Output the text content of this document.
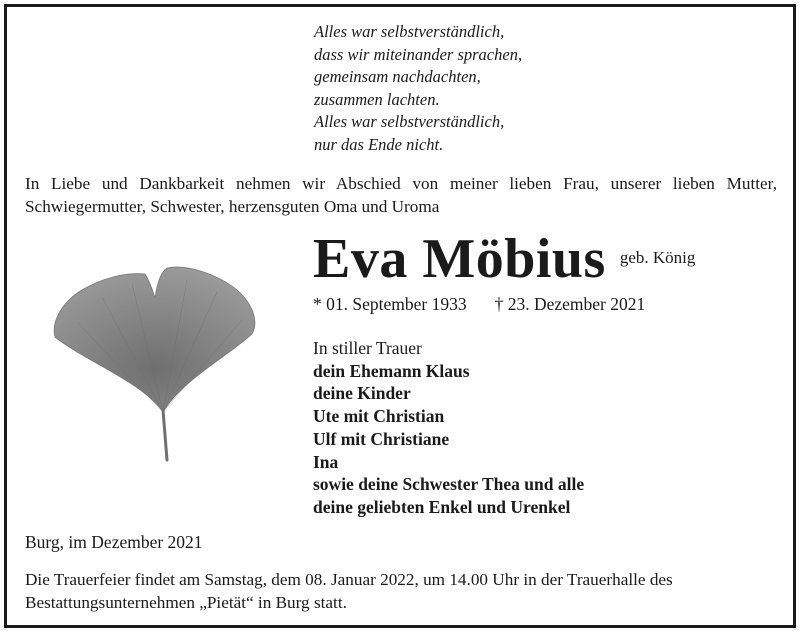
Alles war selbstverständlich,
dass wir miteinander sprachen,
gemeinsam nachdachten,
zusammen lachten.
Alles war selbstverständlich,
nur das Ende nicht.
In Liebe und Dankbarkeit nehmen wir Abschied von meiner lieben Frau, unserer lieben Mutter, Schwiegermutter, Schwester, herzensguten Oma und Uroma
Eva Möbius geb. König
* 01. September 1933 † 23. Dezember 2021
In stiller Trauer
dein Ehemann Klaus
deine Kinder
Ute mit Christian
Ulf mit Christiane
Ina
sowie deine Schwester Thea und alle
deine geliebten Enkel und Urenkel
Burg, im Dezember 2021
Die Trauerfeier findet am Samstag, dem 08. Januar 2022, um 14.00 Uhr in der Trauerhalle des Bestattungsunternehmen „Pietät“ in Burg statt.
